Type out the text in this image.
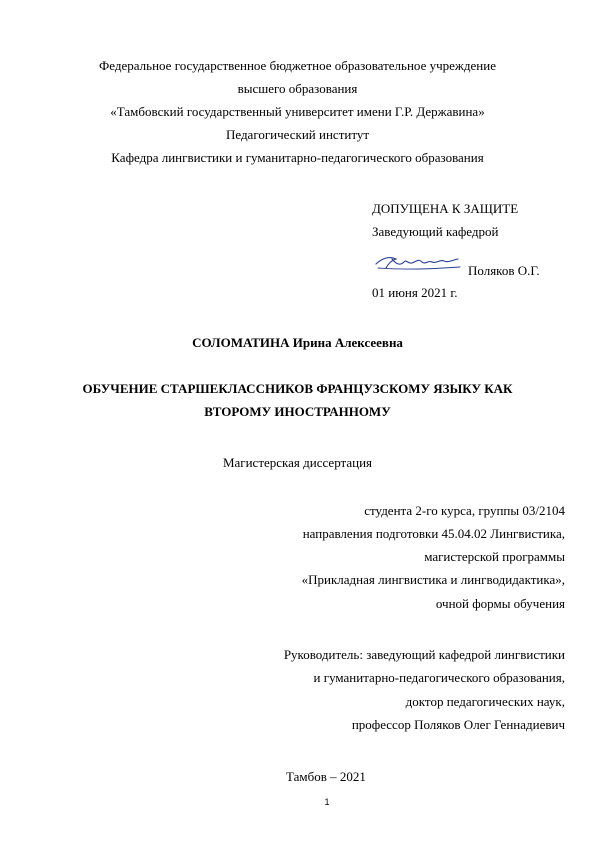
Федеральное государственное бюджетное образовательное учреждение
высшего образования
«Тамбовский государственный университет имени Г.Р. Державина»
Педагогический институт
Кафедра лингвистики и гуманитарно-педагогического образования
ДОПУЩЕНА К ЗАЩИТЕ
Заведующий кафедрой
Поляков О.Г.
01 июня 2021 г.
СОЛОМАТИНА Ирина Алексеевна
ОБУЧЕНИЕ СТАРШЕКЛАССНИКОВ ФРАНЦУЗСКОМУ ЯЗЫКУ КАК
ВТОРОМУ ИНОСТРАННОМУ
Магистерская диссертация
студента 2-го курса, группы 03/2104
направления подготовки 45.04.02 Лингвистика,
магистерской программы
«Прикладная лингвистика и лингводидактика»,
очной формы обучения
Руководитель: заведующий кафедрой лингвистики
и гуманитарно-педагогического образования,
доктор педагогических наук,
профессор Поляков Олег Геннадиевич
Тамбов – 2021
1
